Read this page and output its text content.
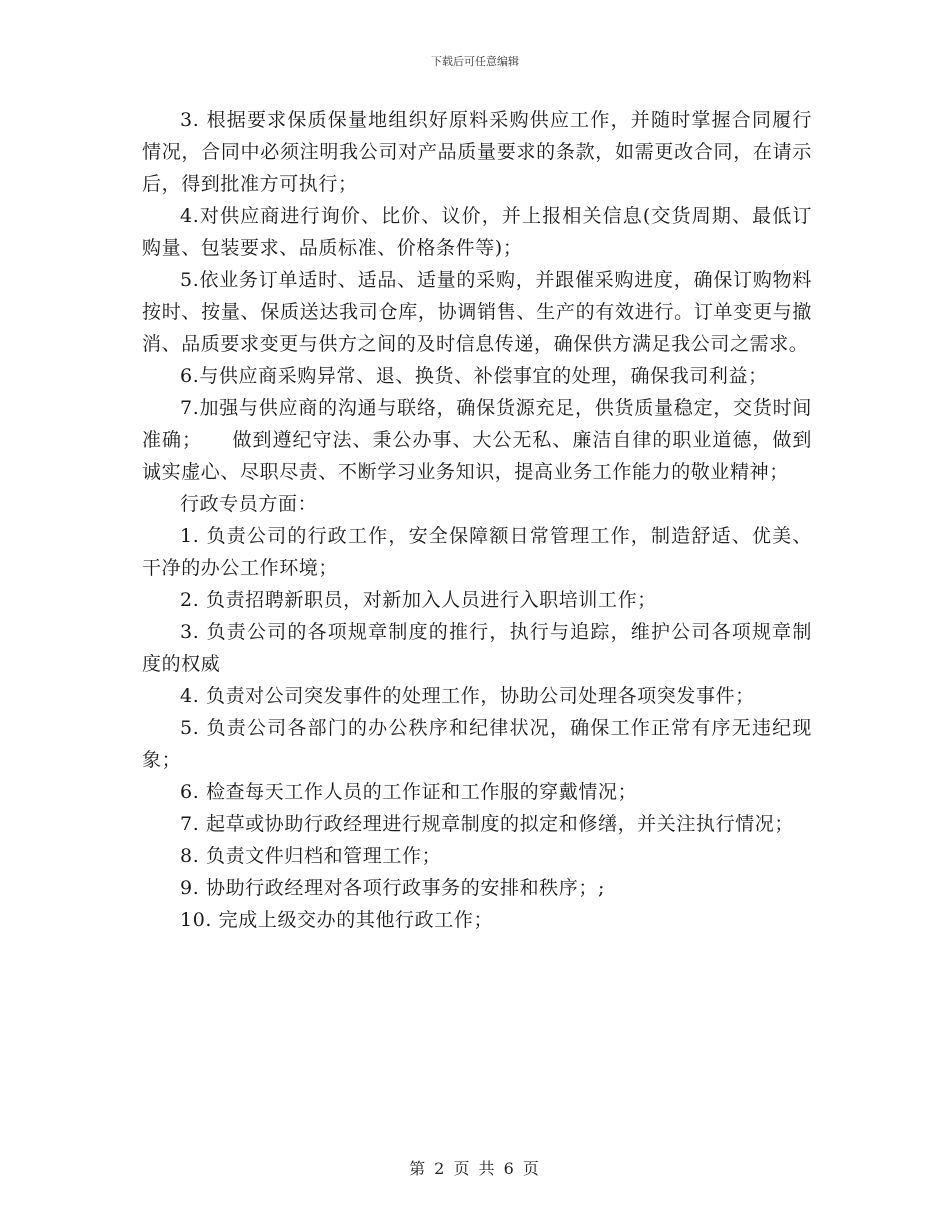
下载后可任意编辑

3. 根据要求保质保量地组织好原料采购供应工作，并随时掌握合同履行情况，合同中必须注明我公司对产品质量要求的条款，如需更改合同，在请示后，得到批准方可执行；

4.对供应商进行询价、比价、议价，并上报相关信息(交货周期、最低订购量、包装要求、品质标准、价格条件等)；

5.依业务订单适时、适品、适量的采购，并跟催采购进度，确保订购物料按时、按量、保质送达我司仓库，协调销售、生产的有效进行。订单变更与撤消、品质要求变更与供方之间的及时信息传递，确保供方满足我公司之需求。

6.与供应商采购异常、退、换货、补偿事宜的处理，确保我司利益；

7.加强与供应商的沟通与联络，确保货源充足，供货质量稳定，交货时间准确；　　做到遵纪守法、秉公办事、大公无私、廉洁自律的职业道德，做到诚实虚心、尽职尽责、不断学习业务知识，提高业务工作能力的敬业精神；

行政专员方面：

1. 负责公司的行政工作，安全保障额日常管理工作，制造舒适、优美、干净的办公工作环境；

2. 负责招聘新职员，对新加入人员进行入职培训工作；

3. 负责公司的各项规章制度的推行，执行与追踪，维护公司各项规章制度的权威

4. 负责对公司突发事件的处理工作，协助公司处理各项突发事件；

5. 负责公司各部门的办公秩序和纪律状况，确保工作正常有序无违纪现象；

6. 检查每天工作人员的工作证和工作服的穿戴情况；

7. 起草或协助行政经理进行规章制度的拟定和修缮，并关注执行情况；

8. 负责文件归档和管理工作；

9. 协助行政经理对各项行政事务的安排和秩序；;

10. 完成上级交办的其他行政工作；

第 2 页 共 6 页
